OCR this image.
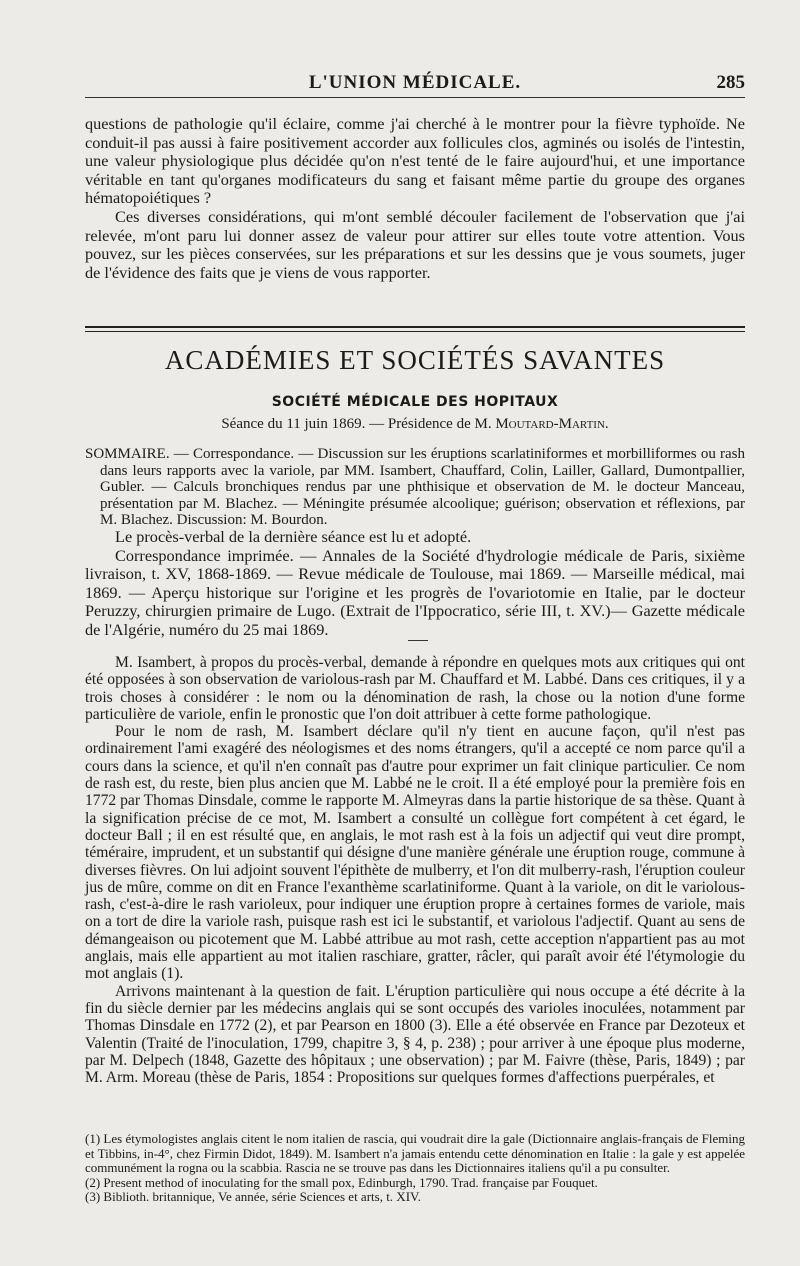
L'UNION MÉDICALE.	285

questions de pathologie qu'il éclaire, comme j'ai cherché à le montrer pour la fièvre typhoïde. Ne conduit-il pas aussi à faire positivement accorder aux follicules clos, agminés ou isolés de l'intestin, une valeur physiologique plus décidée qu'on n'est tenté de le faire aujourd'hui, et une importance véritable en tant qu'organes modificateurs du sang et faisant même partie du groupe des organes hématopoiétiques ?

Ces diverses considérations, qui m'ont semblé découler facilement de l'observation que j'ai relevée, m'ont paru lui donner assez de valeur pour attirer sur elles toute votre attention. Vous pouvez, sur les pièces conservées, sur les préparations et sur les dessins que je vous soumets, juger de l'évidence des faits que je viens de vous rapporter.

ACADÉMIES ET SOCIÉTÉS SAVANTES
SOCIÉTÉ MÉDICALE DES HOPITAUX
Séance du 11 juin 1869. — Présidence de M. Moutard-Martin.

SOMMAIRE. — Correspondance. — Discussion sur les éruptions scarlatiniformes et morbilliformes ou rash dans leurs rapports avec la variole, par MM. Isambert, Chauffard, Colin, Lailler, Gallard, Dumontpallier, Gubler. — Calculs bronchiques rendus par une phthisique et observation de M. le docteur Manceau, présentation par M. Blachez. — Méningite présumée alcoolique; guérison; observation et réflexions, par M. Blachez. Discussion: M. Bourdon.

Le procès-verbal de la dernière séance est lu et adopté.

Correspondance imprimée. — Annales de la Société d'hydrologie médicale de Paris, sixième livraison, t. XV, 1868-1869. — Revue médicale de Toulouse, mai 1869. — Marseille médical, mai 1869. — Aperçu historique sur l'origine et les progrès de l'ovariotomie en Italie, par le docteur Peruzzy, chirurgien primaire de Lugo. (Extrait de l'Ippocratico, série III, t. XV.)— Gazette médicale de l'Algérie, numéro du 25 mai 1869.

M. Isambert, à propos du procès-verbal, demande à répondre en quelques mots aux critiques qui ont été opposées à son observation de variolous-rash par M. Chauffard et M. Labbé. Dans ces critiques, il y a trois choses à considérer : le nom ou la dénomination de rash, la chose ou la notion d'une forme particulière de variole, enfin le pronostic que l'on doit attribuer à cette forme pathologique.

Pour le nom de rash, M. Isambert déclare qu'il n'y tient en aucune façon, qu'il n'est pas ordinairement l'ami exagéré des néologismes et des noms étrangers, qu'il a accepté ce nom parce qu'il a cours dans la science, et qu'il n'en connaît pas d'autre pour exprimer un fait clinique particulier. Ce nom de rash est, du reste, bien plus ancien que M. Labbé ne le croit. Il a été employé pour la première fois en 1772 par Thomas Dinsdale, comme le rapporte M. Almeyras dans la partie historique de sa thèse. Quant à la signification précise de ce mot, M. Isambert a consulté un collègue fort compétent à cet égard, le docteur Ball ; il en est résulté que, en anglais, le mot rash est à la fois un adjectif qui veut dire prompt, téméraire, imprudent, et un substantif qui désigne d'une manière générale une éruption rouge, commune à diverses fièvres. On lui adjoint souvent l'épithète de mulberry, et l'on dit mulberry-rash, l'éruption couleur jus de mûre, comme on dit en France l'exanthème scarlatiniforme. Quant à la variole, on dit le variolous-rash, c'est-à-dire le rash varioleux, pour indiquer une éruption propre à certaines formes de variole, mais on a tort de dire la variole rash, puisque rash est ici le substantif, et variolous l'adjectif. Quant au sens de démangeaison ou picotement que M. Labbé attribue au mot rash, cette acception n'appartient pas au mot anglais, mais elle appartient au mot italien raschiare, gratter, râcler, qui paraît avoir été l'étymologie du mot anglais (1).

Arrivons maintenant à la question de fait. L'éruption particulière qui nous occupe a été décrite à la fin du siècle dernier par les médecins anglais qui se sont occupés des varioles inoculées, notamment par Thomas Dinsdale en 1772 (2), et par Pearson en 1800 (3). Elle a été observée en France par Dezoteux et Valentin (Traité de l'inoculation, 1799, chapitre 3, § 4, p. 238) ; pour arriver à une époque plus moderne, par M. Delpech (1848, Gazette des hôpitaux ; une observation) ; par M. Faivre (thèse, Paris, 1849) ; par M. Arm. Moreau (thèse de Paris, 1854 : Propositions sur quelques formes d'affections puerpérales, et

(1) Les étymologistes anglais citent le nom italien de rascia, qui voudrait dire la gale (Dictionnaire anglais-français de Fleming et Tibbins, in-4°, chez Firmin Didot, 1849). M. Isambert n'a jamais entendu cette dénomination en Italie : la gale y est appelée communément la rogna ou la scabbia. Rascia ne se trouve pas dans les Dictionnaires italiens qu'il a pu consulter.

(2) Present method of inoculating for the small pox, Edinburgh, 1790. Trad. française par Fouquet.

(3) Biblioth. britannique, Ve année, série Sciences et arts, t. XIV.
